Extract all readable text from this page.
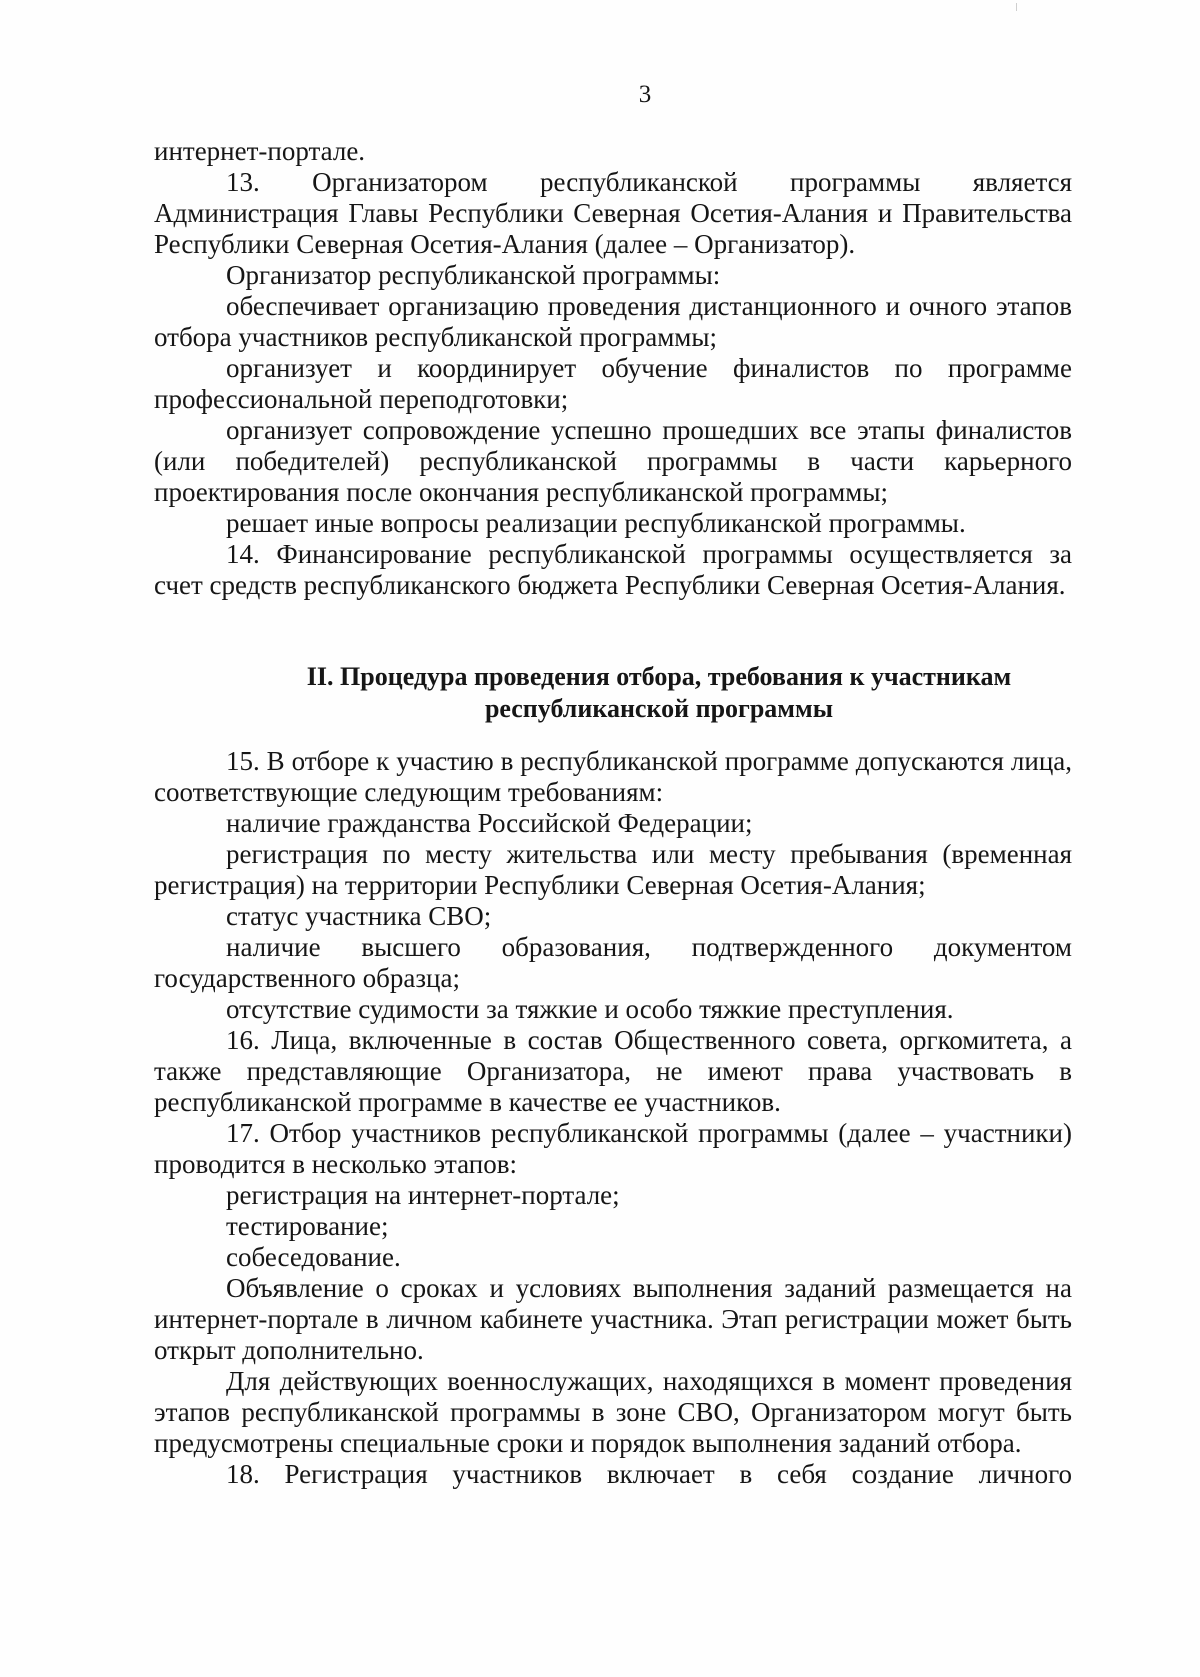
3

интернет-портале.

13. Организатором республиканской программы является Администрация Главы Республики Северная Осетия-Алания и Правительства Республики Северная Осетия-Алания (далее – Организатор).

Организатор республиканской программы:

обеспечивает организацию проведения дистанционного и очного этапов отбора участников республиканской программы;

организует и координирует обучение финалистов по программе профессиональной переподготовки;

организует сопровождение успешно прошедших все этапы финалистов (или победителей) республиканской программы в части карьерного проектирования после окончания республиканской программы;

решает иные вопросы реализации республиканской программы.

14. Финансирование республиканской программы осуществляется за счет средств республиканского бюджета Республики Северная Осетия-Алания.

II. Процедура проведения отбора, требования к участникам
республиканской программы

15. В отборе к участию в республиканской программе допускаются лица, соответствующие следующим требованиям:

наличие гражданства Российской Федерации;

регистрация по месту жительства или месту пребывания (временная регистрация) на территории Республики Северная Осетия-Алания;

статус участника СВО;

наличие высшего образования, подтвержденного документом государственного образца;

отсутствие судимости за тяжкие и особо тяжкие преступления.

16. Лица, включенные в состав Общественного совета, оргкомитета, а также представляющие Организатора, не имеют права участвовать в республиканской программе в качестве ее участников.

17. Отбор участников республиканской программы (далее – участники) проводится в несколько этапов:

регистрация на интернет-портале;

тестирование;

собеседование.

Объявление о сроках и условиях выполнения заданий размещается на интернет-портале в личном кабинете участника. Этап регистрации может быть открыт дополнительно.

Для действующих военнослужащих, находящихся в момент проведения этапов республиканской программы в зоне СВО, Организатором могут быть предусмотрены специальные сроки и порядок выполнения заданий отбора.

18. Регистрация участников включает в себя создание личного
